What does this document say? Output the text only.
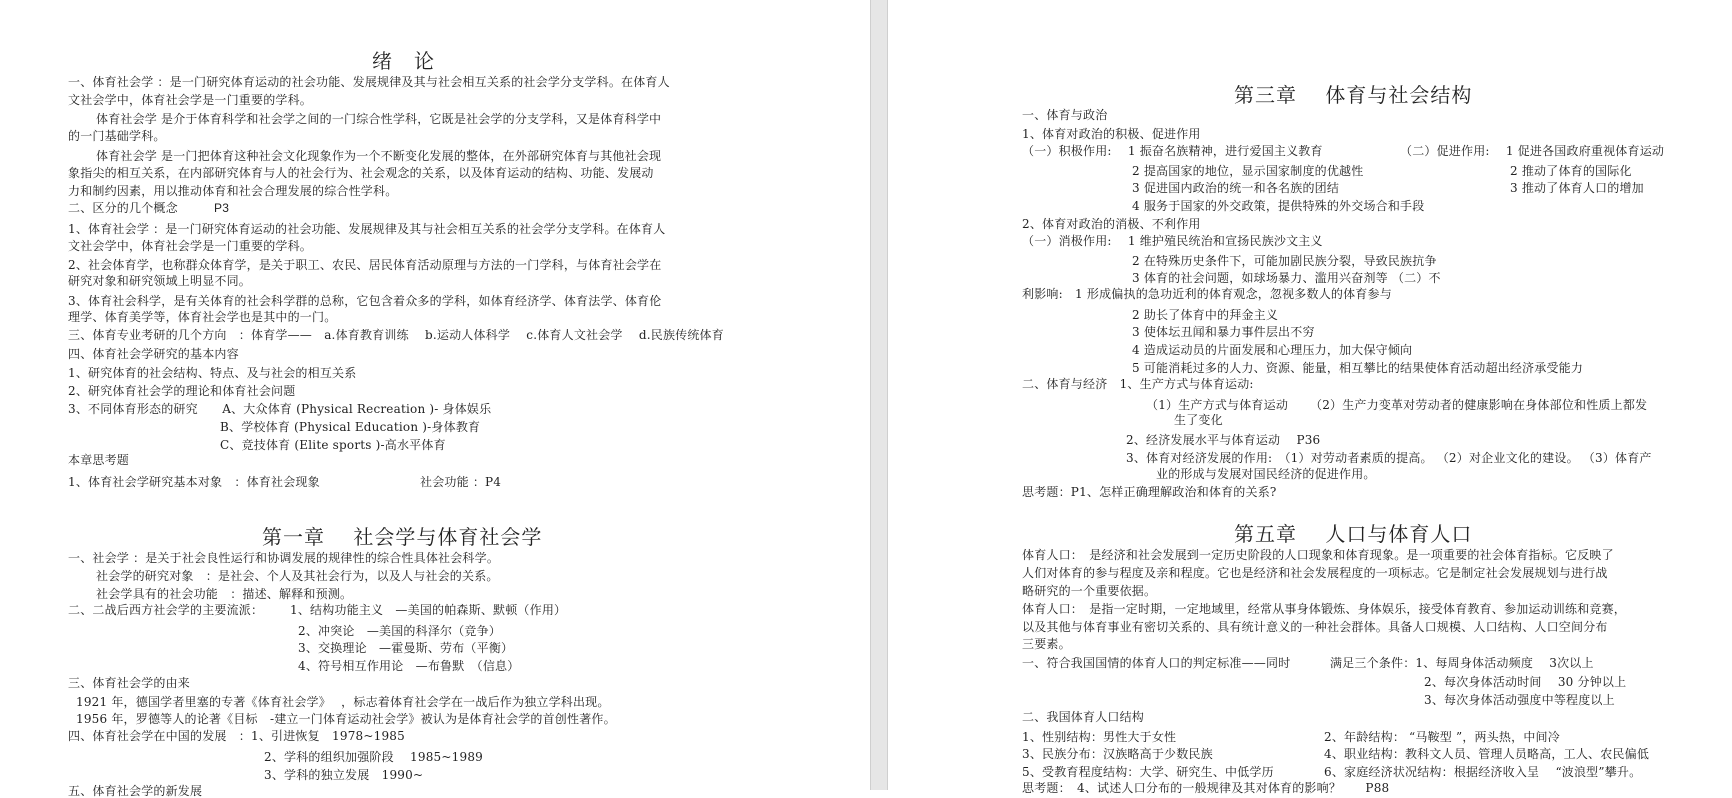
绪　论
一、体育社会学 ：是一门研究体育运动的社会功能、发展规律及其与社会相互关系的社会学分支学科。在体育人
文社会学中，体育社会学是一门重要的学科。
体育社会学 是介于体育科学和社会学之间的一门综合性学科，它既是社会学的分支学科，又是体育科学中
的一门基础学科。
体育社会学 是一门把体育这种社会文化现象作为一个不断变化发展的整体，在外部研究体育与其他社会现
象指尖的相互关系，在内部研究体育与人的社会行为、社会观念的关系，以及体育运动的结构、功能、发展动
力和制约因素，用以推动体育和社会合理发展的综合性学科。
二、区分的几个概念	P3
1、体育社会学 ：是一门研究体育运动的社会功能、发展规律及其与社会相互关系的社会学分支学科。在体育人
文社会学中，体育社会学是一门重要的学科。
2、社会体育学，也称群众体育学，是关于职工、农民、居民体育活动原理与方法的一门学科，与体育社会学在
研究对象和研究领域上明显不同。
3、体育社会科学，是有关体育的社会科学群的总称，它包含着众多的学科，如体育经济学、体育法学、体育伦
理学、体育美学等，体育社会学也是其中的一门。
三、体育专业考研的几个方向　：体育学——　a.体育教育训练　 b.运动人体科学　 c.体育人文社会学　 d.民族传统体育
四、体育社会学研究的基本内容
1、研究体育的社会结构、特点、及与社会的相互关系
2、研究体育社会学的理论和体育社会问题
3、不同体育形态的研究　　A、大众体育 (Physical Recreation )- 身体娱乐
B、学校体育 (Physical Education )-身体教育
C、竞技体育 (Elite sports )-高水平体育
本章思考题
1、体育社会学研究基本对象　：体育社会现象	社会功能 ：P4
第一章　 社会学与体育社会学
一、社会学 ：是关于社会良性运行和协调发展的规律性的综合性具体社会科学。
社会学的研究对象　：是社会、个人及其社会行为，以及人与社会的关系。
社会学具有的社会功能　：描述、解释和预测。
二、二战后西方社会学的主要流派： 1、结构功能主义　—美国的帕森斯、默顿（作用）
2、冲突论　—美国的科泽尔（竞争）
3、交换理论　—霍曼斯、劳布（平衡）
4、符号相互作用论　—布鲁默　（信息）
三、体育社会学的由来
1921 年，德国学者里塞的专著《体育社会学》　 ，标志着体育社会学在一战后作为独立学科出现。
1956 年，罗德等人的论著《目标　-建立一门体育运动社会学》被认为是体育社会学的首创性著作。
四、体育社会学在中国的发展　：1、引进恢复　1978~1985
2、学科的组织加强阶段　 1985~1989
3、学科的独立发展　1990~
五、体育社会学的新发展
第三章　 体育与社会结构
一、体育与政治
1、体育对政治的积极、促进作用
（一）积极作用:　 1 振奋名族精神，进行爱国主义教育	（二）促进作用:　 1 促进各国政府重视体育运动
2 提高国家的地位，显示国家制度的优越性	2 推动了体育的国际化
3 促进国内政治的统一和各名族的团结	3 推动了体育人口的增加
4 服务于国家的外交政策，提供特殊的外交场合和手段
2、体育对政治的消极、不利作用
（一）消极作用:　 1 维护殖民统治和宣扬民族沙文主义
2 在特殊历史条件下，可能加剧民族分裂，导致民族抗争
3 体育的社会问题，如球场暴力、滥用兴奋剂等 （二）不
利影响:　1 形成偏执的急功近利的体育观念，忽视多数人的体育参与
2 助长了体育中的拜金主义
3 使体坛丑闻和暴力事件层出不穷
4 造成运动员的片面发展和心理压力，加大保守倾向
5 可能消耗过多的人力、资源、能量，相互攀比的结果使体育活动超出经济承受能力
二、体育与经济　1、生产方式与体育运动:
（1）生产方式与体育运动 （2）生产力变革对劳动者的健康影响在身体部位和性质上都发
生了变化
2、经济发展水平与体育运动　 P36
3、体育对经济发展的作用:　（1）对劳动者素质的提高。 （2）对企业文化的建设。 （3）体育产
业的形成与发展对国民经济的促进作用。
思考题：P1、怎样正确理解政治和体育的关系?
第五章　 人口与体育人口
体育人口：　是经济和社会发展到一定历史阶段的人口现象和体育现象。是一项重要的社会体育指标。它反映了
人们对体育的参与程度及亲和程度。它也是经济和社会发展程度的一项标志。它是制定社会发展规划与进行战
略研究的一个重要依据。
体育人口：　是指一定时期，一定地域里，经常从事身体锻炼、身体娱乐，接受体育教育、参加运动训练和竞赛，
以及其他与体育事业有密切关系的、具有统计意义的一种社会群体。具备人口规模、人口结构、人口空间分布
三要素。
一、符合我国国情的体育人口的判定标准——同时	满足三个条件：1、每周身体活动频度　 3次以上
2、每次身体活动时间　 30 分钟以上
3、每次身体活动强度中等程度以上
二、我国体育人口结构
1、性别结构：男性大于女性	2、年龄结构： “马鞍型 ”，两头热，中间冷
3、民族分布：汉族略高于少数民族	4、职业结构：教科文人员、管理人员略高，工人、农民偏低
5、受教育程度结构：大学、研究生、中低学历	6、家庭经济状况结构：根据经济收入呈　 “波浪型”攀升。
思考题：　4、试述人口分布的一般规律及其对体育的影响？　　P88
